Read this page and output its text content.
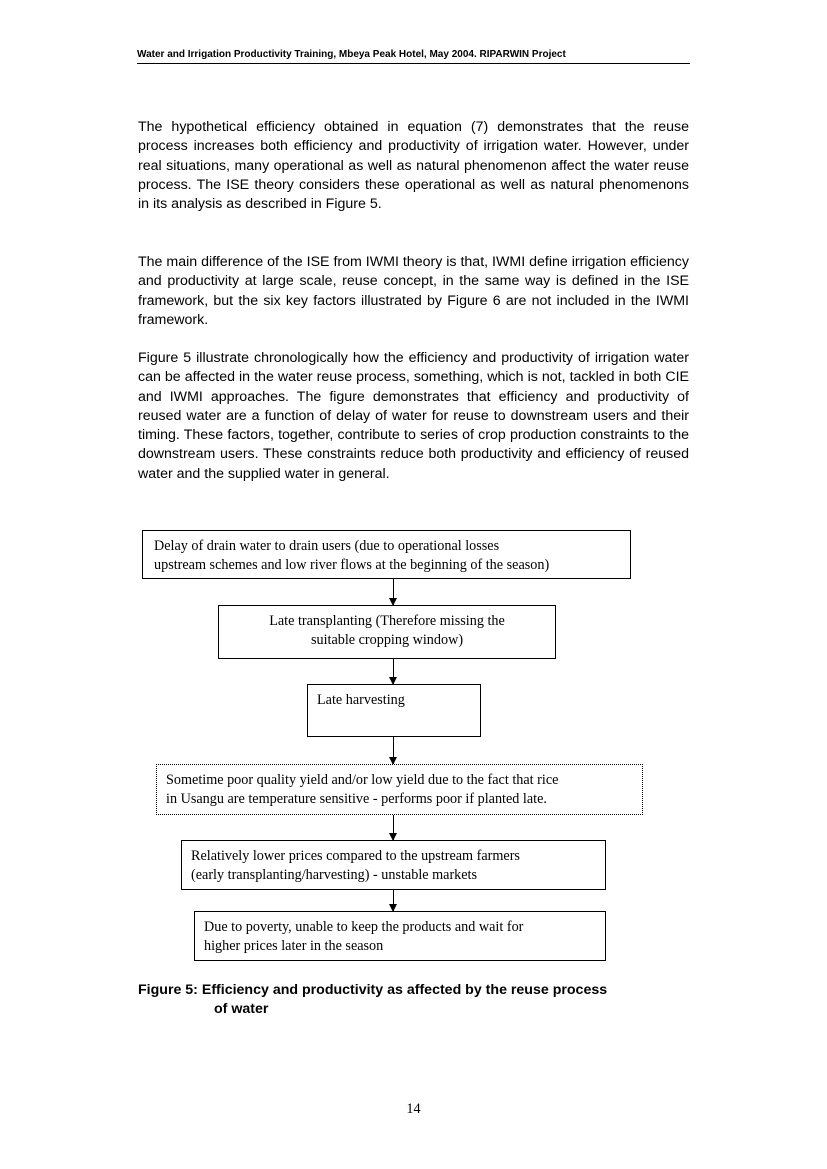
Water and Irrigation Productivity Training, Mbeya Peak Hotel, May 2004. RIPARWIN Project

The hypothetical efficiency obtained in equation (7) demonstrates that the reuse process increases both efficiency and productivity of irrigation water. However, under real situations, many operational as well as natural phenomenon affect the water reuse process. The ISE theory considers these operational as well as natural phenomenons in its analysis as described in Figure 5.

The main difference of the ISE from IWMI theory is that, IWMI define irrigation efficiency and productivity at large scale, reuse concept, in the same way is defined in the ISE framework, but the six key factors illustrated by Figure 6 are not included in the IWMI framework.

Figure 5 illustrate chronologically how the efficiency and productivity of irrigation water can be affected in the water reuse process, something, which is not, tackled in both CIE and IWMI approaches. The figure demonstrates that efficiency and productivity of reused water are a function of delay of water for reuse to downstream users and their timing. These factors, together, contribute to series of crop production constraints to the downstream users. These constraints reduce both productivity and efficiency of reused water and the supplied water in general.

Delay of drain water to drain users (due to operational losses
upstream schemes and low river flows at the beginning of the season)
Late transplanting (Therefore missing the
suitable cropping window)
Late harvesting
Sometime poor quality yield and/or low yield due to the fact that rice
in Usangu are temperature sensitive - performs poor if planted late.
Relatively lower prices compared to the upstream farmers
(early transplanting/harvesting) - unstable markets
Due to poverty, unable to keep the products and wait for
higher prices later in the season
Figure 5: Efficiency and productivity as affected by the reuse process
of water
14
